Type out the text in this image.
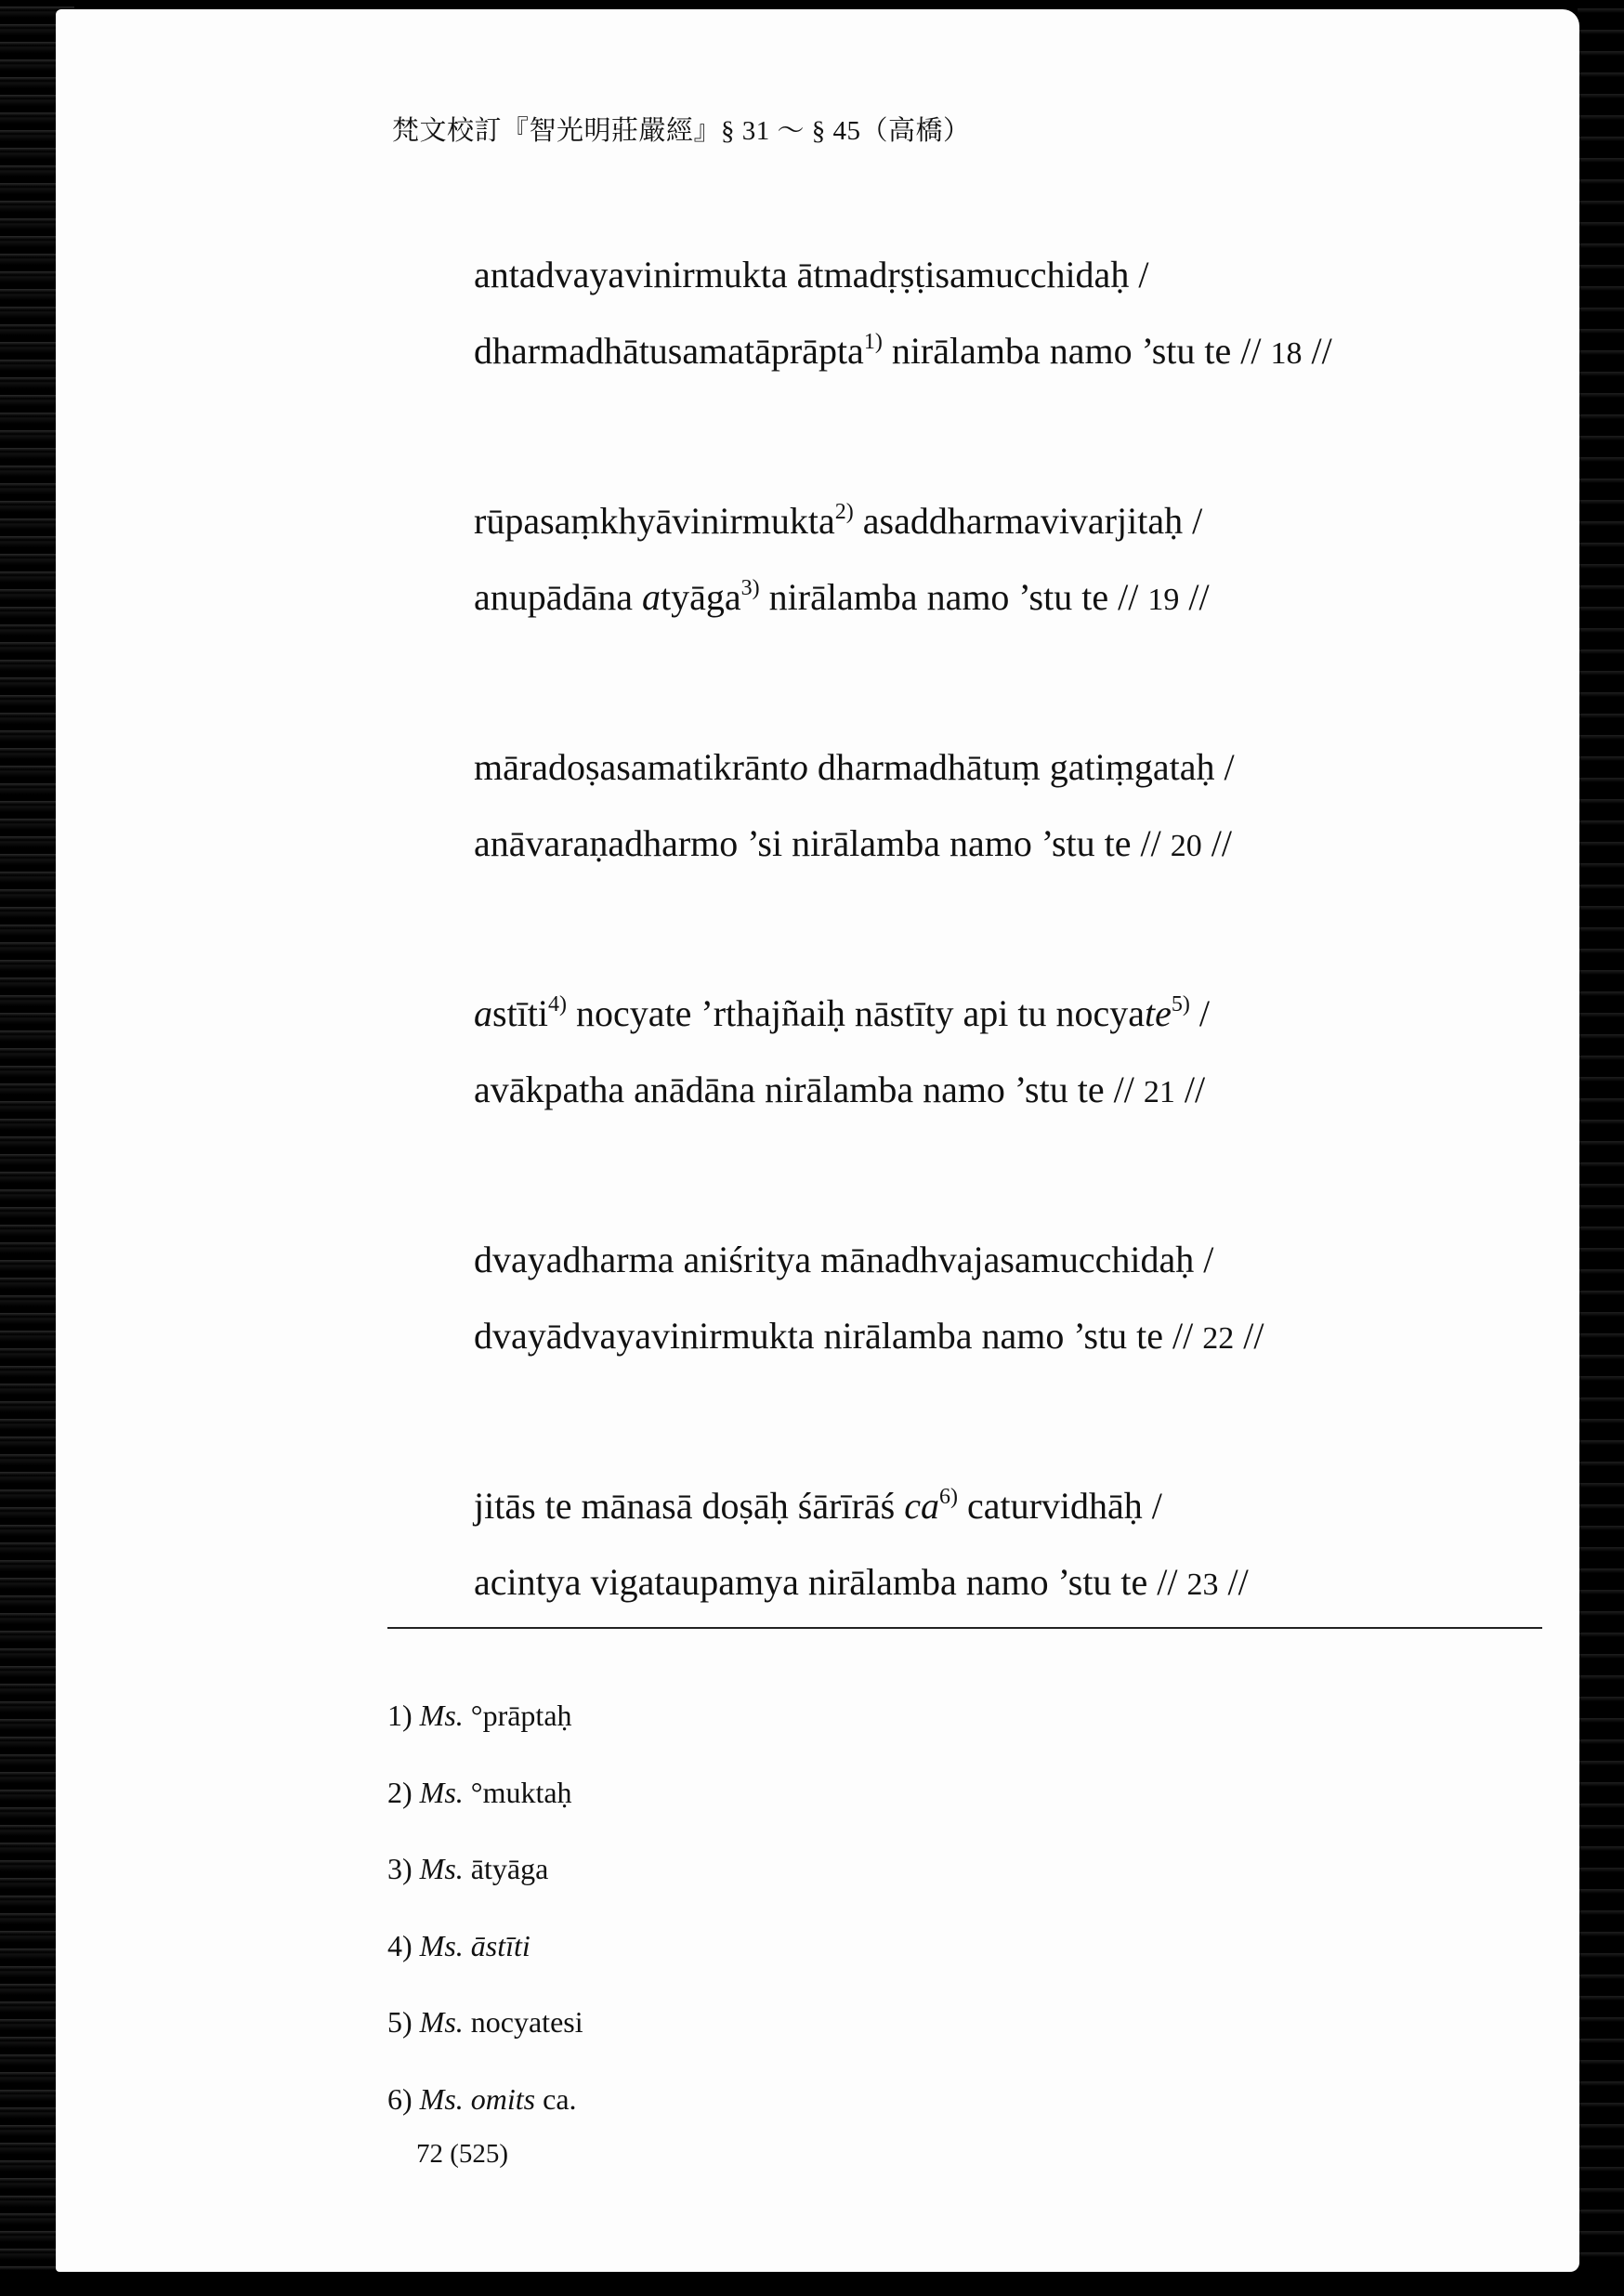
梵文校訂『智光明莊嚴經』§ 31 ～ § 45（高橋）
antadvayavinirmukta ātmadṛṣṭisamucchidaḥ /
dharmadhātusamatāprāpta$^{1)}$ nirālamba namo ’stu te // 18 //
rūpasaṃkhyāvinirmukta$^{2)}$ asaddharmavivarjitaḥ /
anupādāna atyāga$^{3)}$ nirālamba namo ’stu te // 19 //
māradoṣasamatikrānto dharmadhātuṃ gatiṃgataḥ /
anāvaraṇadharmo ’si nirālamba namo ’stu te // 20 //
astīti$^{4)}$ nocyate ’rthajñaiḥ nāstīty api tu nocyate$^{5)}$ /
avākpatha anādāna nirālamba namo ’stu te // 21 //
dvayadharma aniśritya mānadhvajasamucchidaḥ /
dvayādvayavinirmukta nirālamba namo ’stu te // 22 //
jitās te mānasā doṣāḥ śārīrāś $ca^{6)}$ caturvidhāḥ /
acintya vigataupamya nirālamba namo ’stu te // 23 //
1) Ms. °prāptaḥ
2) Ms. °muktaḥ
3) Ms. ātyāga
4) Ms. āstīti
5) Ms. nocyatesi
6) Ms. omits ca.
72 (525)
